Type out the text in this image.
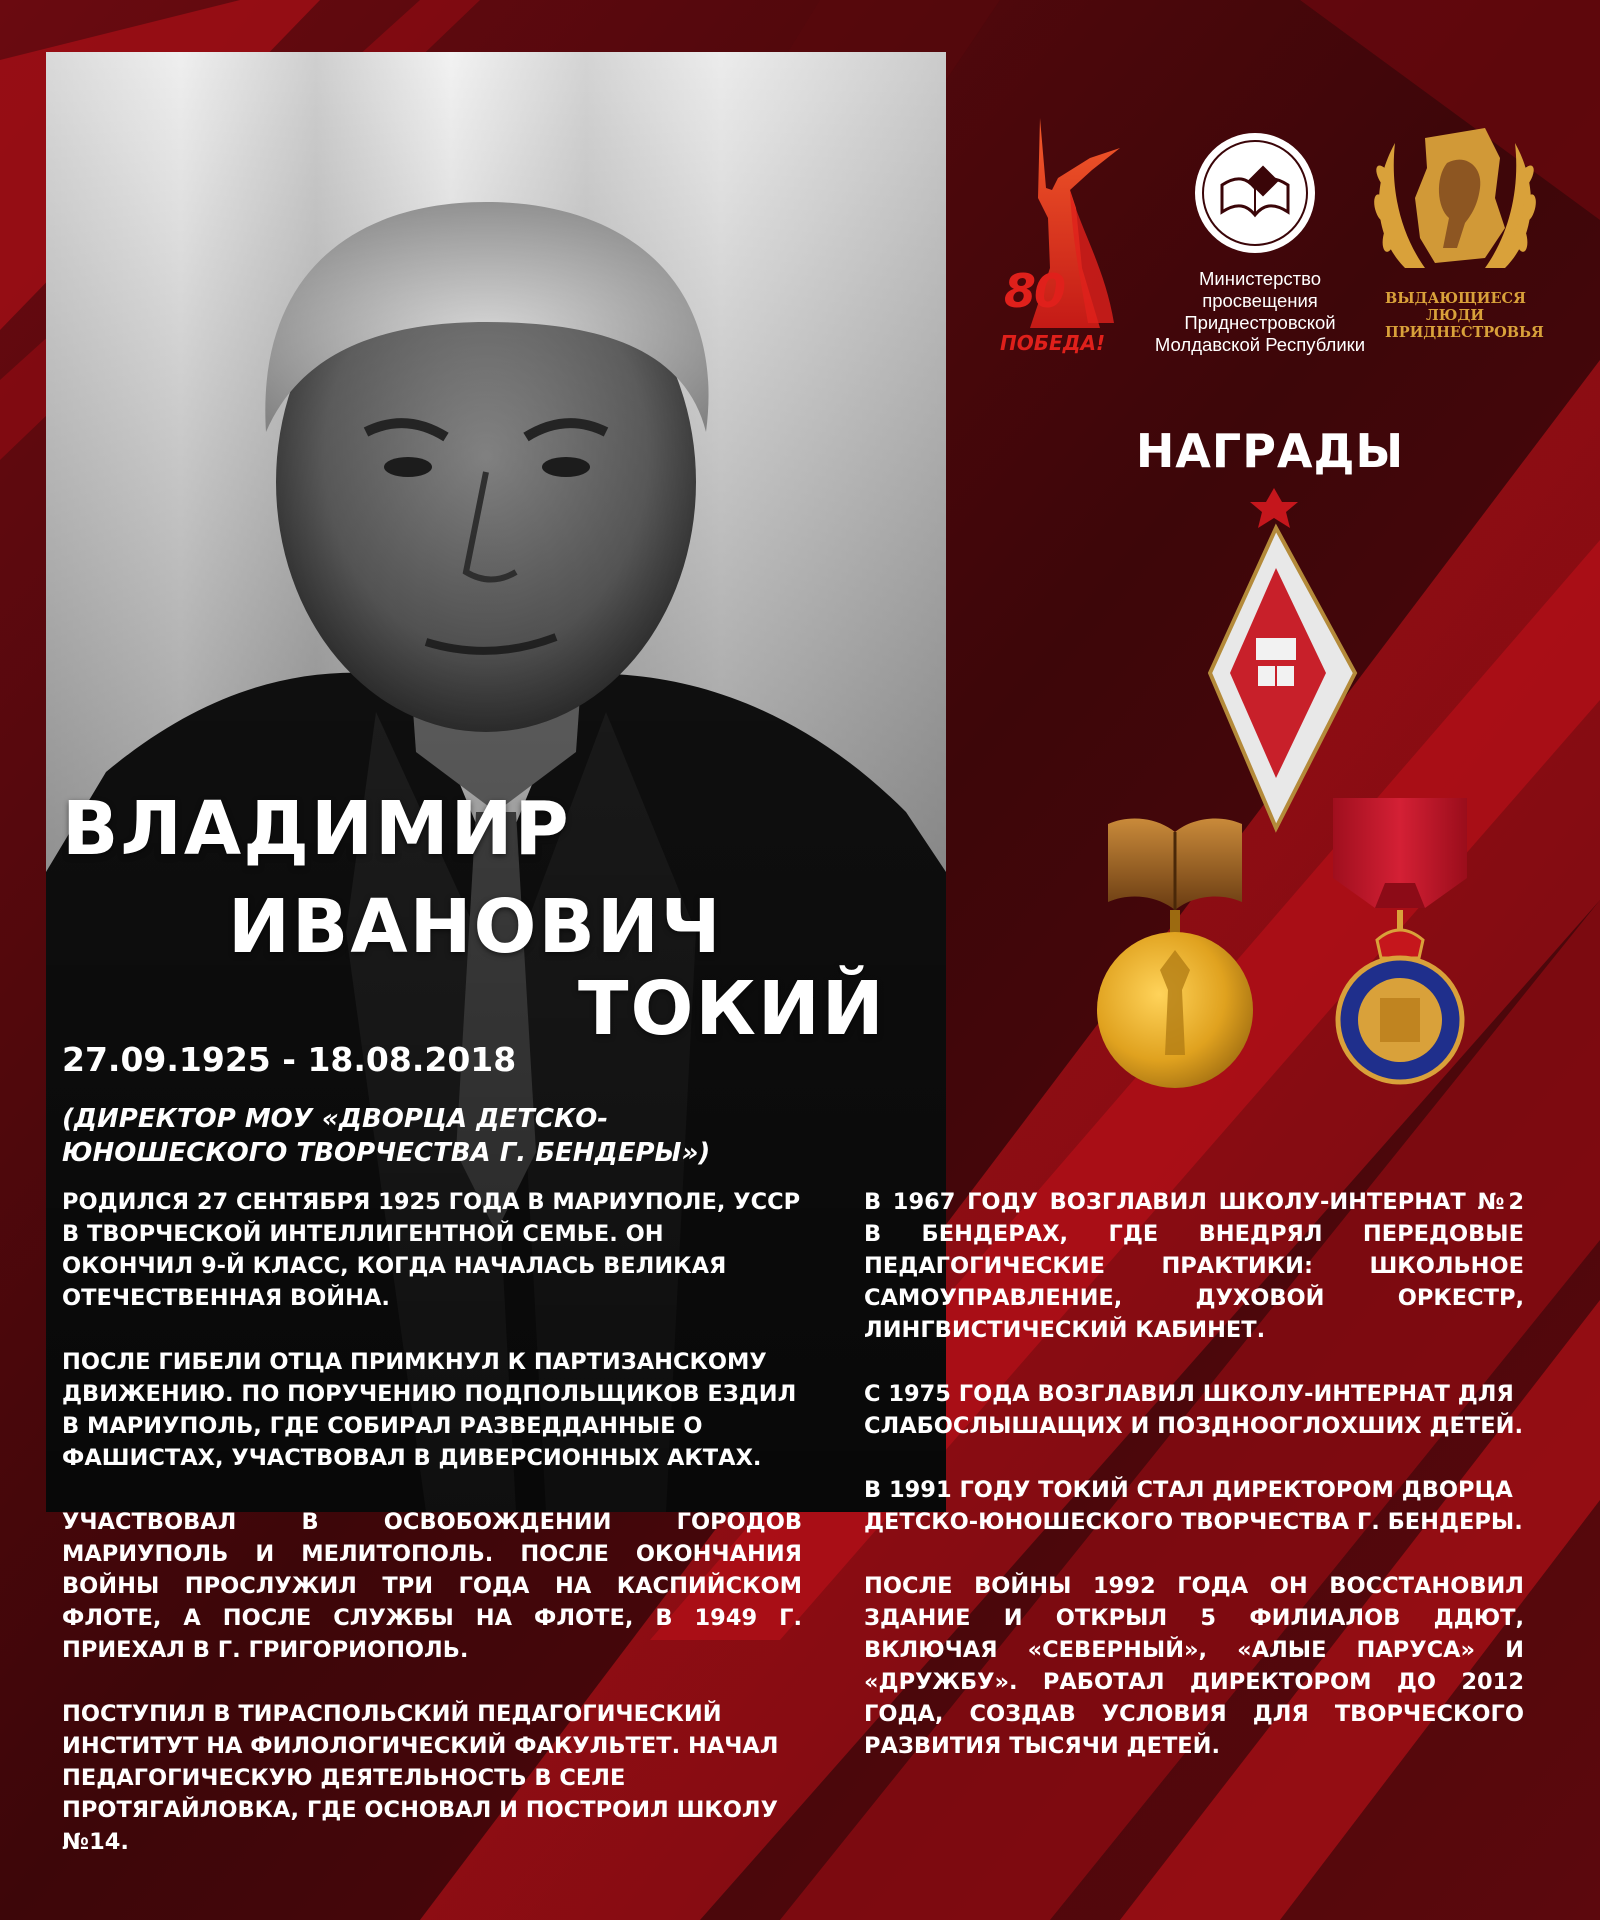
ВЛАДИМИР
ИВАНОВИЧ
ТОКИЙ
27.09.1925 - 18.08.2018
(ДИРЕКТОР МОУ «ДВОРЦА ДЕТСКО-ЮНОШЕСКОГО ТВОРЧЕСТВА Г. БЕНДЕРЫ»)

РОДИЛСЯ 27 СЕНТЯБРЯ 1925 ГОДА В МАРИУПОЛЕ, УССР В ТВОРЧЕСКОЙ ИНТЕЛЛИГЕНТНОЙ СЕМЬЕ. ОН ОКОНЧИЛ 9-Й КЛАСС, КОГДА НАЧАЛАСЬ ВЕЛИКАЯ ОТЕЧЕСТВЕННАЯ ВОЙНА.

ПОСЛЕ ГИБЕЛИ ОТЦА ПРИМКНУЛ К ПАРТИЗАНСКОМУ ДВИЖЕНИЮ. ПО ПОРУЧЕНИЮ ПОДПОЛЬЩИКОВ ЕЗДИЛ В МАРИУПОЛЬ, ГДЕ СОБИРАЛ РАЗВЕДДАННЫЕ О ФАШИСТАХ, УЧАСТВОВАЛ В ДИВЕРСИОННЫХ АКТАХ.

УЧАСТВОВАЛ В ОСВОБОЖДЕНИИ ГОРОДОВ МАРИУПОЛЬ И МЕЛИТОПОЛЬ. ПОСЛЕ ОКОНЧАНИЯ ВОЙНЫ ПРОСЛУЖИЛ ТРИ ГОДА НА КАСПИЙСКОМ ФЛОТЕ, А ПОСЛЕ СЛУЖБЫ НА ФЛОТЕ, В 1949 Г. ПРИЕХАЛ В Г. ГРИГОРИОПОЛЬ.

ПОСТУПИЛ В ТИРАСПОЛЬСКИЙ ПЕДАГОГИЧЕСКИЙ ИНСТИТУТ НА ФИЛОЛОГИЧЕСКИЙ ФАКУЛЬТЕТ. НАЧАЛ ПЕДАГОГИЧЕСКУЮ ДЕЯТЕЛЬНОСТЬ В СЕЛЕ ПРОТЯГАЙЛОВКА, ГДЕ ОСНОВАЛ И ПОСТРОИЛ ШКОЛУ №14.

В 1967 ГОДУ ВОЗГЛАВИЛ ШКОЛУ-ИНТЕРНАТ №2 В БЕНДЕРАХ, ГДЕ ВНЕДРЯЛ ПЕРЕДОВЫЕ ПЕДАГОГИЧЕСКИЕ ПРАКТИКИ: ШКОЛЬНОЕ САМОУПРАВЛЕНИЕ, ДУХОВОЙ ОРКЕСТР, ЛИНГВИСТИЧЕСКИЙ КАБИНЕТ.

С 1975 ГОДА ВОЗГЛАВИЛ ШКОЛУ-ИНТЕРНАТ ДЛЯ СЛАБОСЛЫШАЩИХ И ПОЗДНООГЛОХШИХ ДЕТЕЙ.

В 1991 ГОДУ ТОКИЙ СТАЛ ДИРЕКТОРОМ ДВОРЦА ДЕТСКО-ЮНОШЕСКОГО ТВОРЧЕСТВА Г. БЕНДЕРЫ.

ПОСЛЕ ВОЙНЫ 1992 ГОДА ОН ВОССТАНОВИЛ ЗДАНИЕ И ОТКРЫЛ 5 ФИЛИАЛОВ ДДЮТ, ВКЛЮЧАЯ «СЕВЕРНЫЙ», «АЛЫЕ ПАРУСА» И «ДРУЖБУ». РАБОТАЛ ДИРЕКТОРОМ ДО 2012 ГОДА, СОЗДАВ УСЛОВИЯ ДЛЯ ТВОРЧЕСКОГО РАЗВИТИЯ ТЫСЯЧИ ДЕТЕЙ.

80
ПОБЕДА!
Министерство просвещения Приднестровской Молдавской Республики
ВЫДАЮЩИЕСЯ ЛЮДИ ПРИДНЕСТРОВЬЯ
НАГРАДЫ
